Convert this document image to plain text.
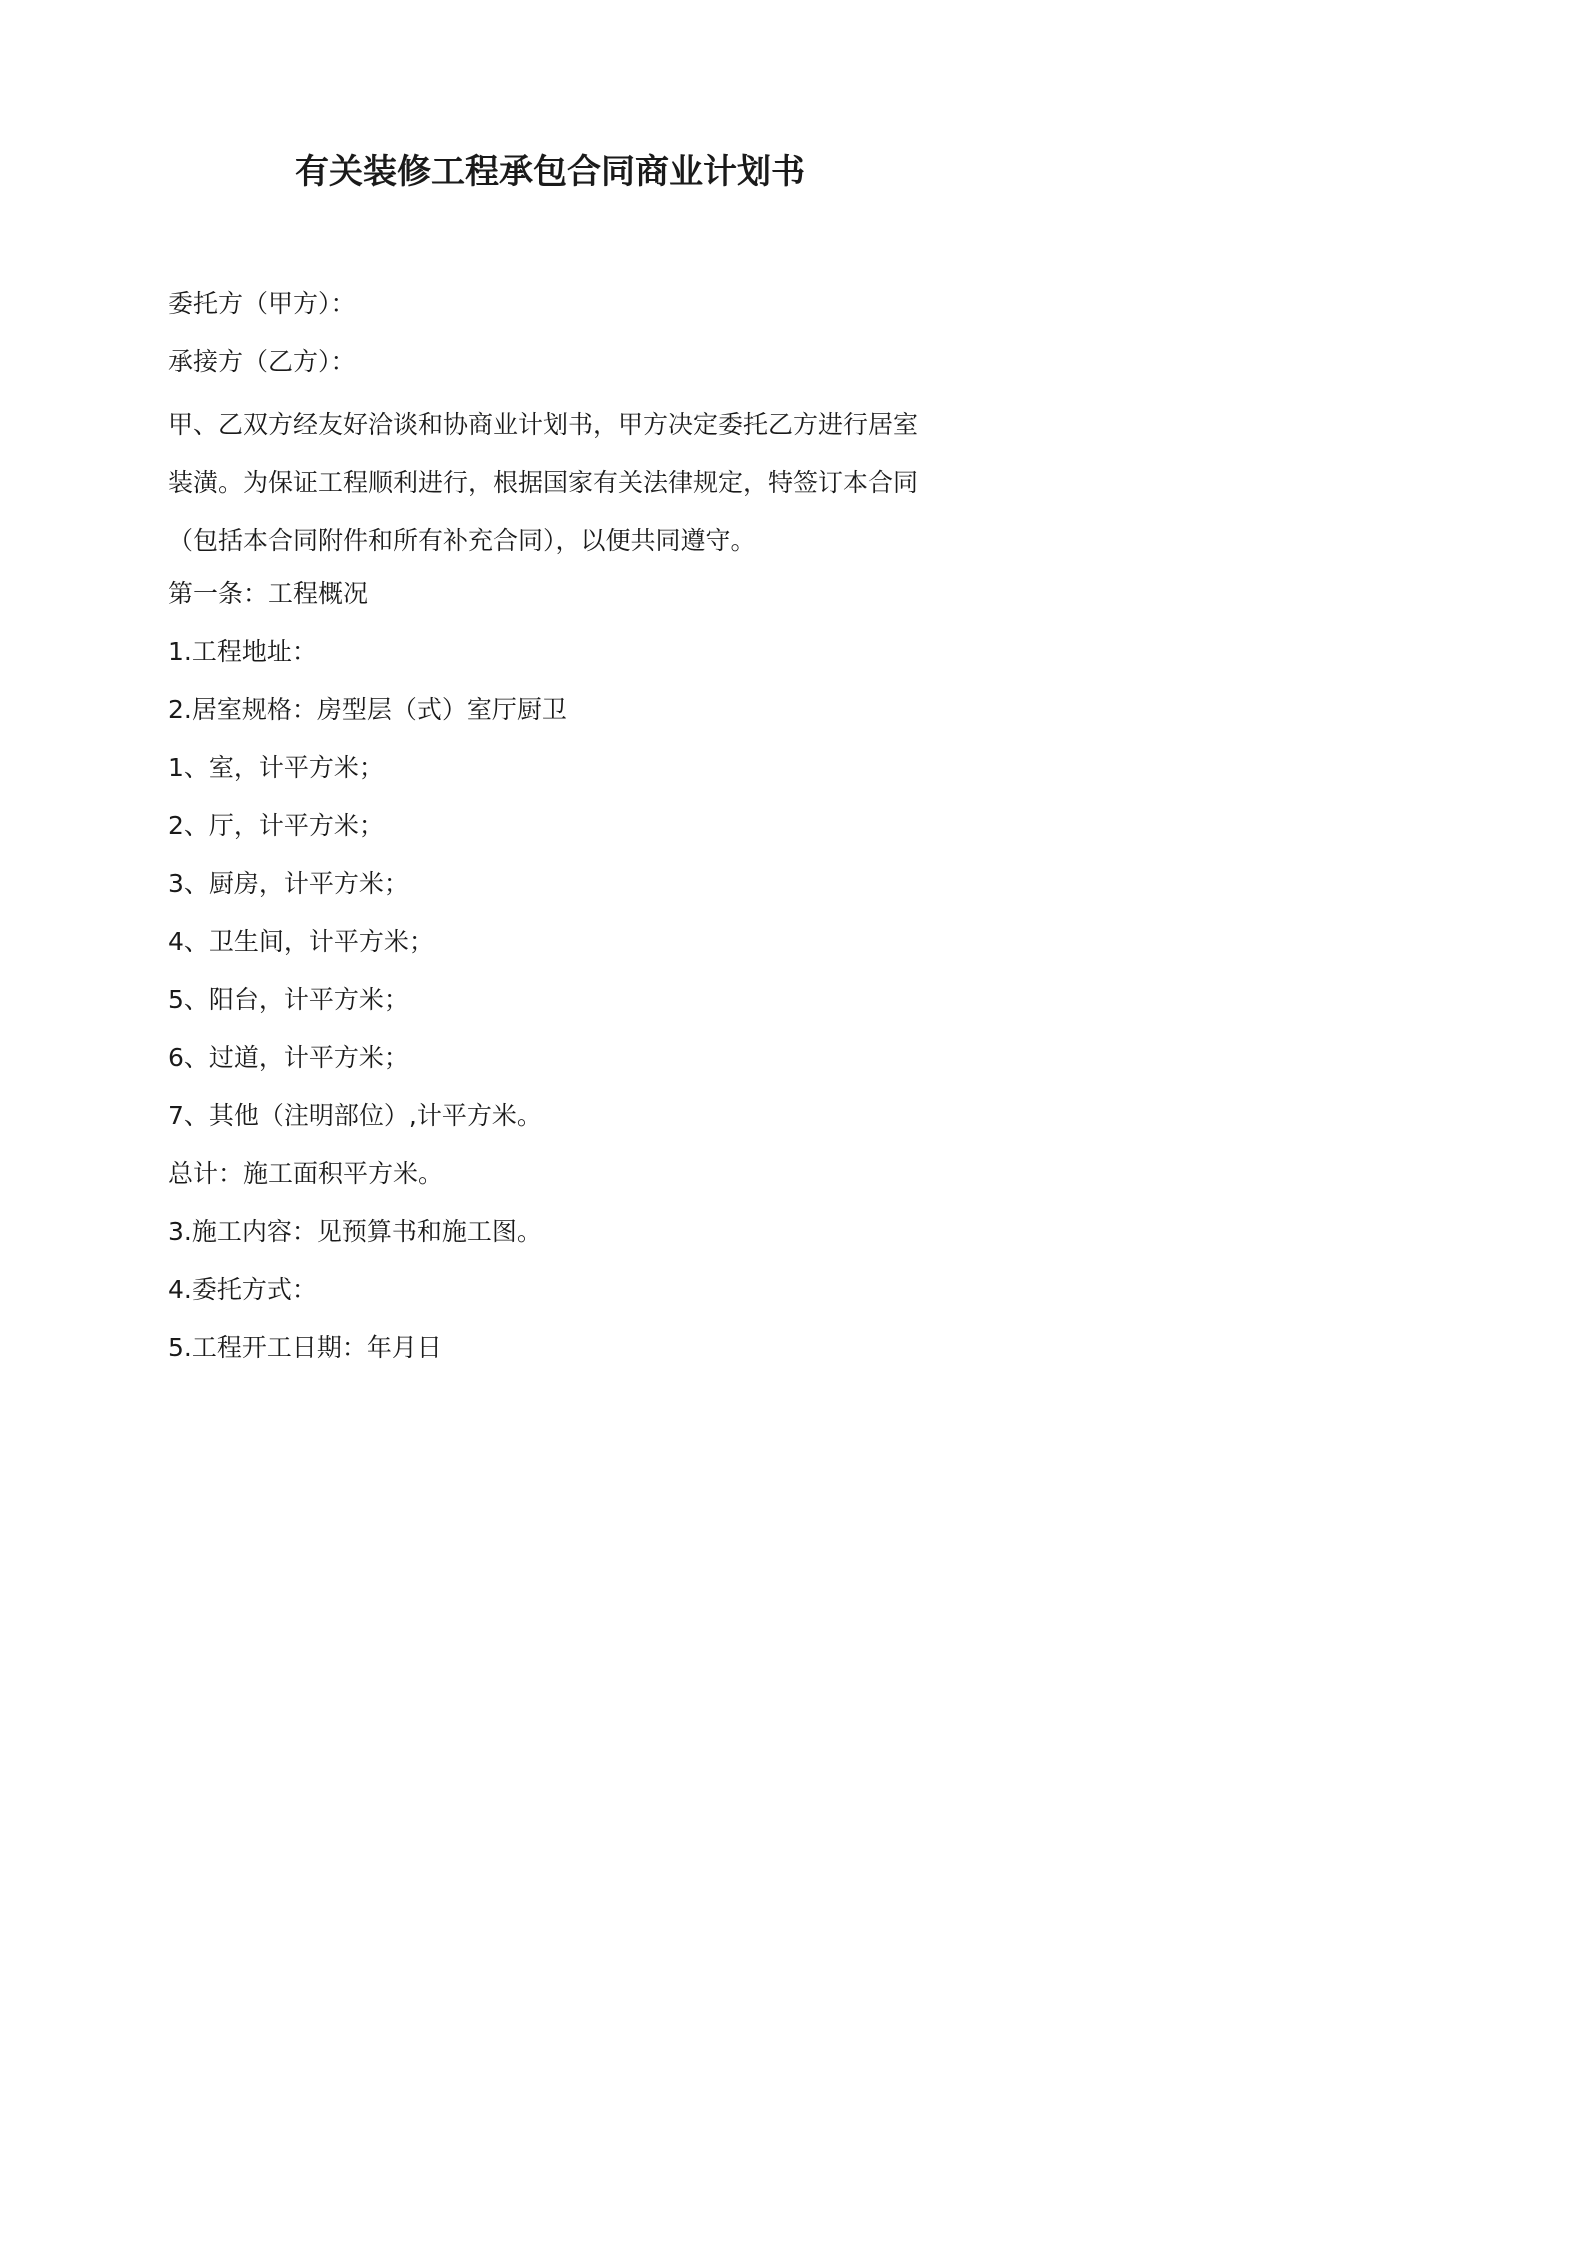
有关装修工程承包合同商业计划书
委托方（甲方）：
承接方（乙方）：
甲、乙双方经友好洽谈和协商业计划书，甲方决定委托乙方进行居室
装潢。为保证工程顺利进行，根据国家有关法律规定，特签订本合同
（包括本合同附件和所有补充合同），以便共同遵守。
第一条：工程概况
1.工程地址：
2.居室规格：房型层（式）室厅厨卫
1、室，计平方米；
2、厅，计平方米；
3、厨房，计平方米；
4、卫生间，计平方米；
5、阳台，计平方米；
6、过道，计平方米；
7、其他（注明部位）,计平方米。
总计：施工面积平方米。
3.施工内容：见预算书和施工图。
4.委托方式：
5.工程开工日期：年月日
